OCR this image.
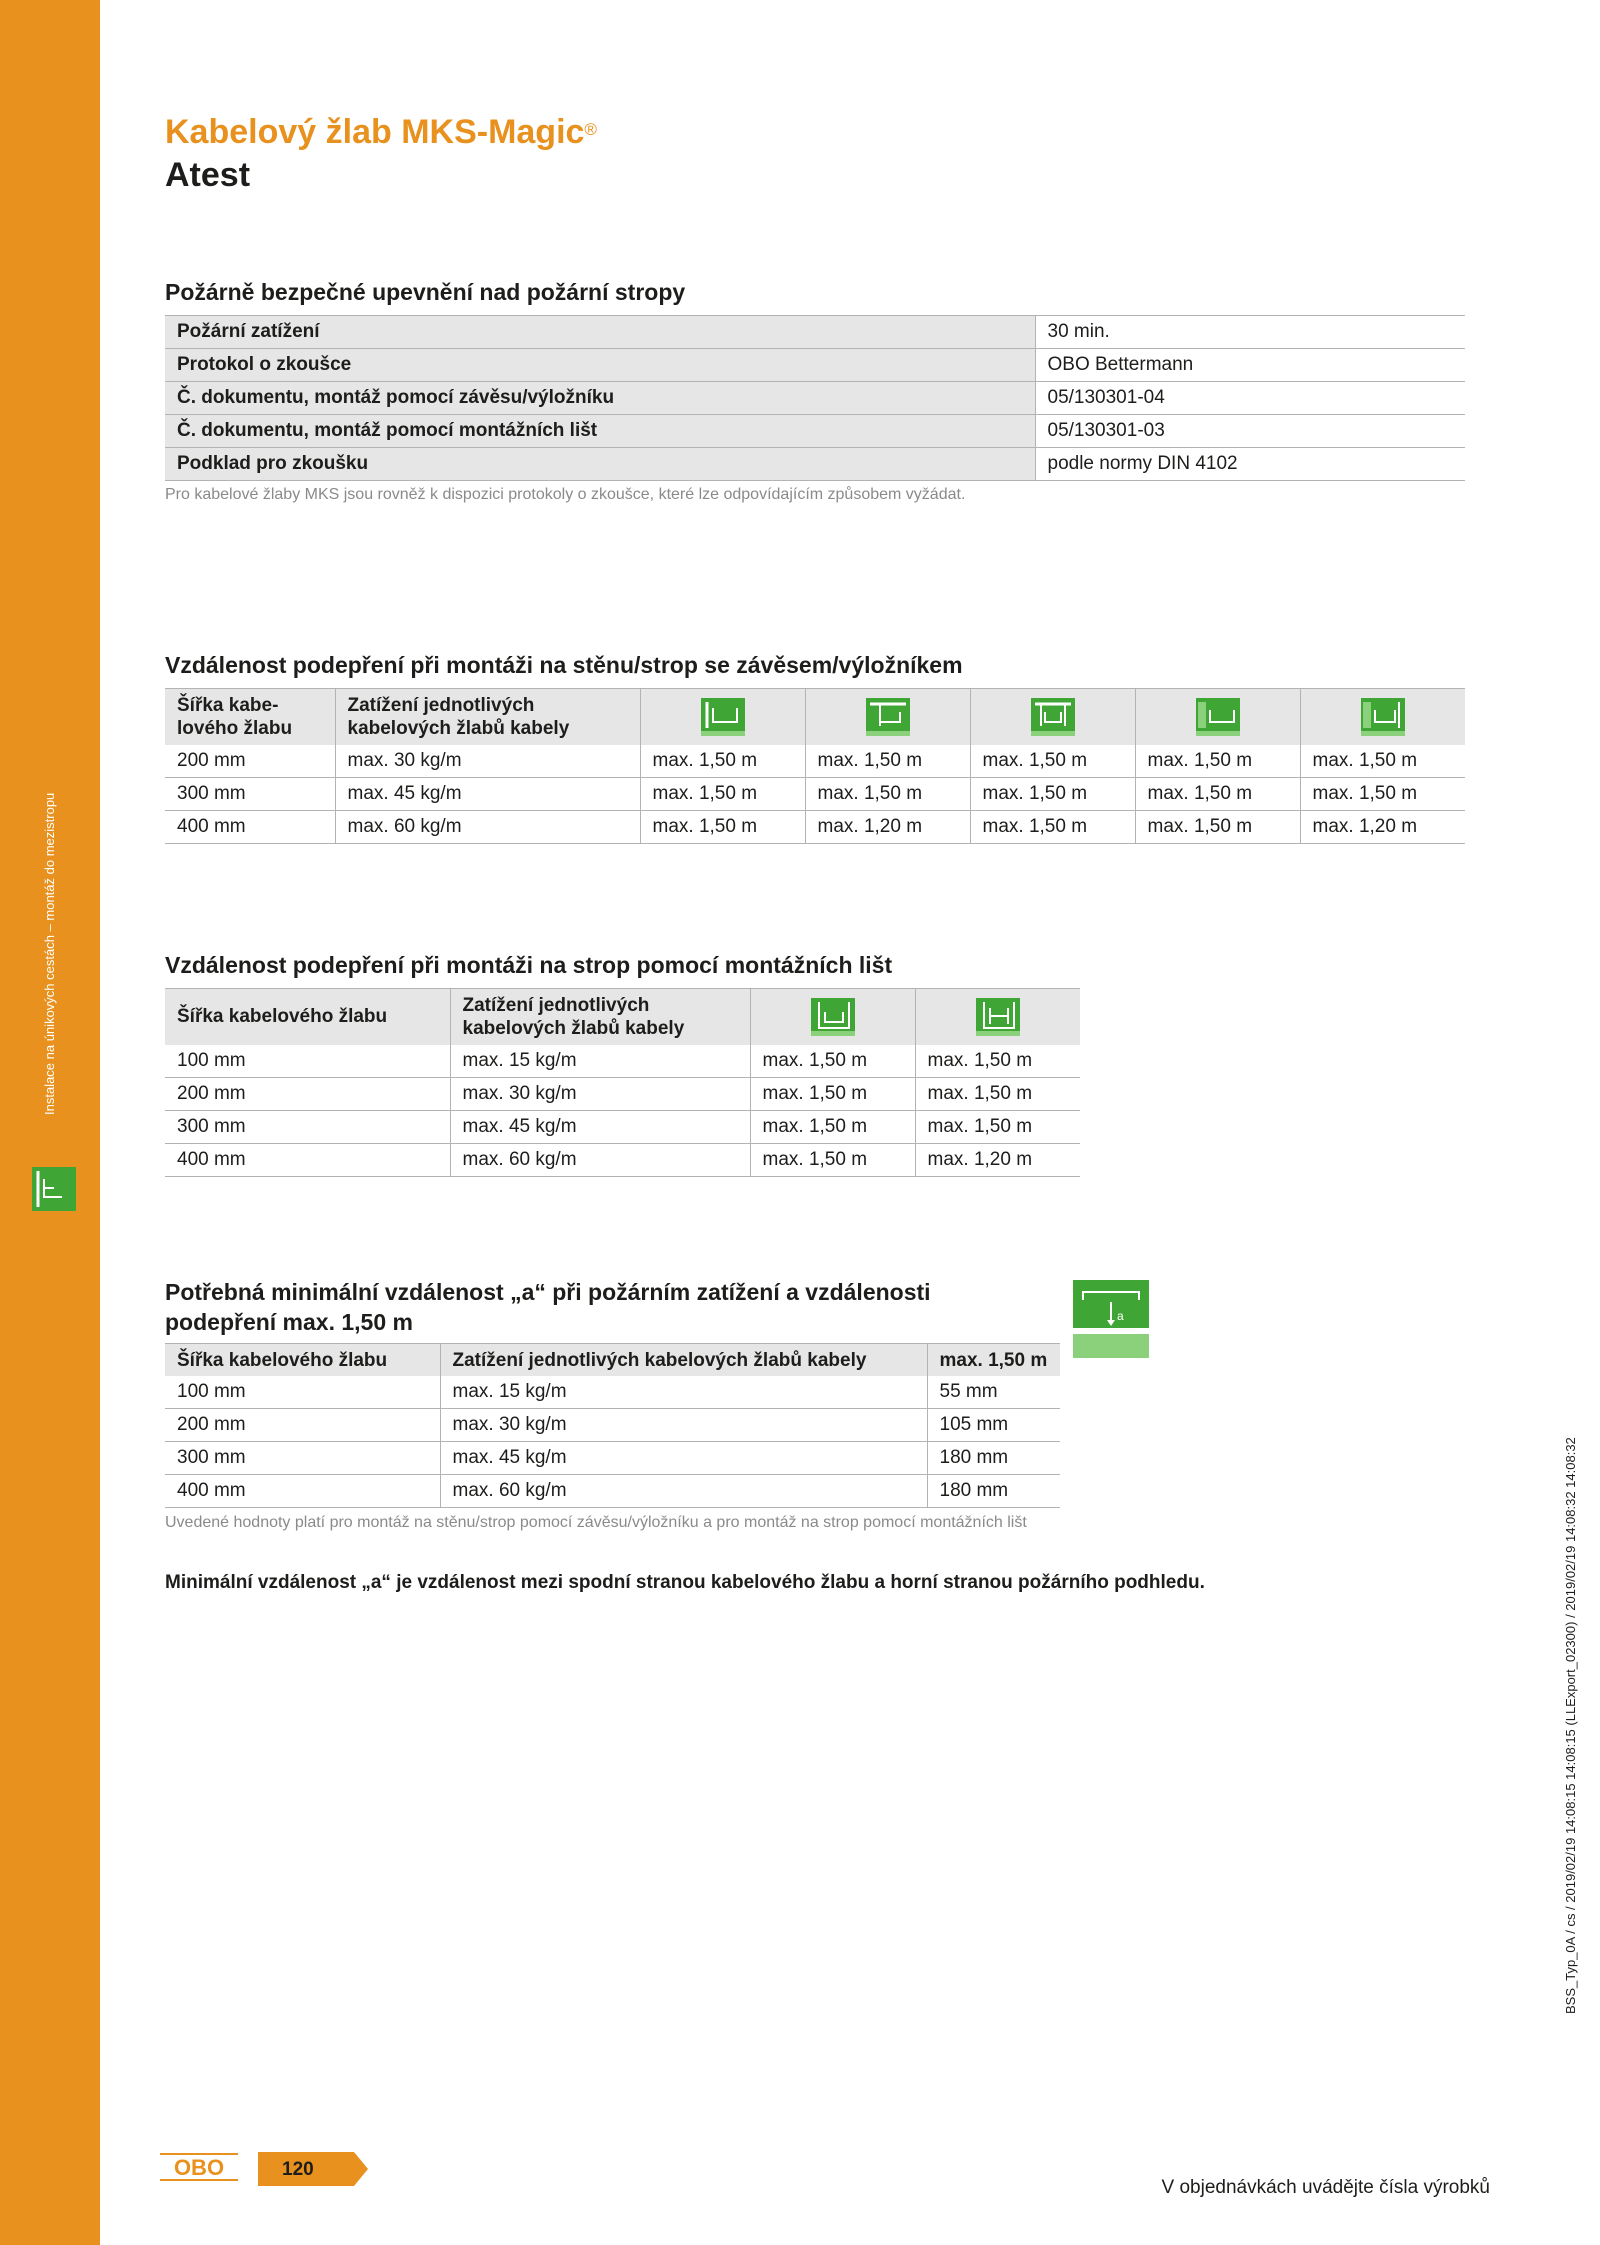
Instalace na únikových cestách – montáž do mezistropu
BSS_Typ_0A / cs / 2019/02/19 14:08:15 14:08:15 (LLExport_02300) / 2019/02/19 14:08:32 14:08:32
Kabelový žlab MKS-Magic®
Atest
Požárně bezpečné upevnění nad požární stropy
Požární zatížení	30 min.
Protokol o zkoušce	OBO Bettermann
Č. dokumentu, montáž pomocí závěsu/výložníku	05/130301-04
Č. dokumentu, montáž pomocí montážních lišt	05/130301-03
Podklad pro zkoušku	podle normy DIN 4102

Pro kabelové žlaby MKS jsou rovněž k dispozici protokoly o zkoušce, které lze odpovídajícím způsobem vyžádat.

Vzdálenost podepření při montáži na stěnu/strop se závěsem/výložníkem
Šířka kabe-
lového žlabu	Zatížení jednotlivých
kabelových žlabů kabely					
200 mm	max. 30 kg/m	max. 1,50 m	max. 1,50 m	max. 1,50 m	max. 1,50 m	max. 1,50 m
300 mm	max. 45 kg/m	max. 1,50 m	max. 1,50 m	max. 1,50 m	max. 1,50 m	max. 1,50 m
400 mm	max. 60 kg/m	max. 1,50 m	max. 1,20 m	max. 1,50 m	max. 1,50 m	max. 1,20 m
Vzdálenost podepření při montáži na strop pomocí montážních lišt
Šířka kabelového žlabu	Zatížení jednotlivých
kabelových žlabů kabely		
100 mm	max. 15 kg/m	max. 1,50 m	max. 1,50 m
200 mm	max. 30 kg/m	max. 1,50 m	max. 1,50 m
300 mm	max. 45 kg/m	max. 1,50 m	max. 1,50 m
400 mm	max. 60 kg/m	max. 1,50 m	max. 1,20 m
Potřebná minimální vzdálenost „a“ při požárním zatížení a vzdálenosti
podepření max. 1,50 m	a
Šířka kabelového žlabu	Zatížení jednotlivých kabelových žlabů kabely	max. 1,50 m
100 mm	max. 15 kg/m	55 mm
200 mm	max. 30 kg/m	105 mm
300 mm	max. 45 kg/m	180 mm
400 mm	max. 60 kg/m	180 mm

Uvedené hodnoty platí pro montáž na stěnu/strop pomocí závěsu/výložníku a pro montáž na strop pomocí montážních lišt

Minimální vzdálenost „a“ je vzdálenost mezi spodní stranou kabelového žlabu a horní stranou požárního podhledu.

OBO	120
V objednávkách uvádějte čísla výrobků
